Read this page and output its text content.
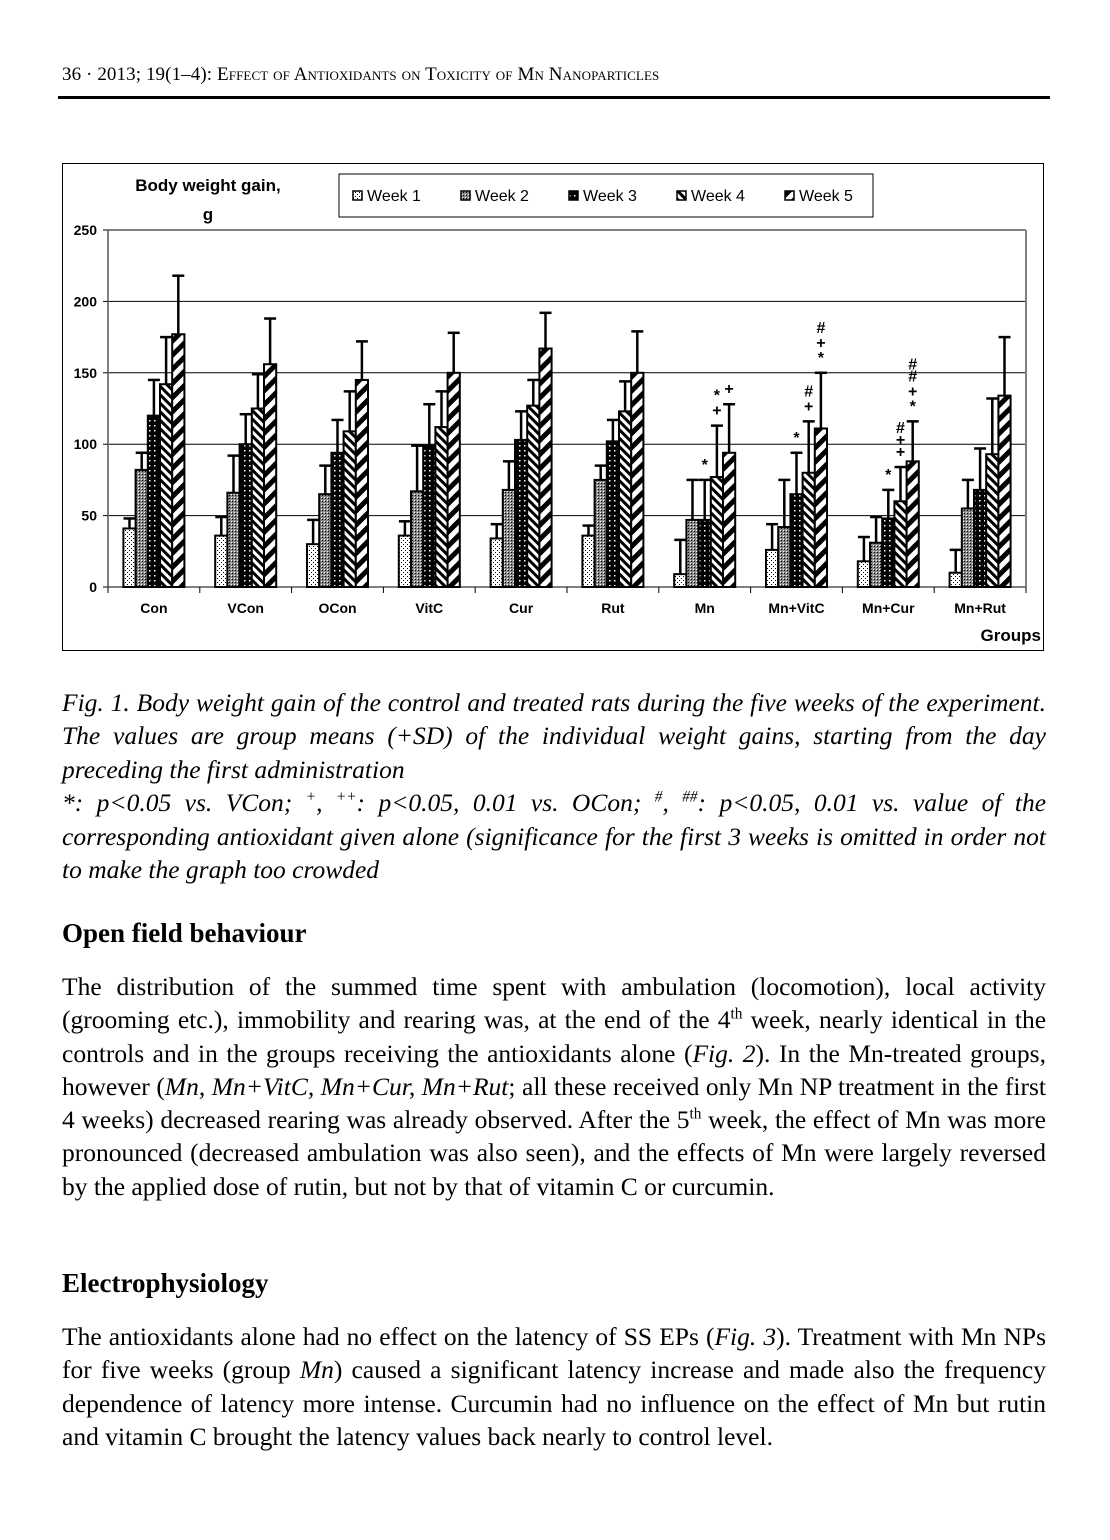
36 · 2013; 19(1–4): Effect of Antioxidants on Toxicity of Mn Nanoparticles
0
50
100
150
200
250
Con	VCon	OCon	VitC	Cur	Rut	Mn	Mn+VitC	Mn+Cur	Mn+Rut
*
+
* +
*
+
#
*
+
#
*
+
+
#
*
+
#
#
Body weight gain,
g
Groups
Week 1	Week 2	Week 3	Week 4	Week 5

Fig. 1. Body weight gain of the control and treated rats during the five weeks of the experiment. The values are group means (+SD) of the individual weight gains, starting from the day preceding the first administration

*: p<0.05 vs. VCon; +, ++: p<0.05, 0.01 vs. OCon; #, ##: p<0.05, 0.01 vs. value of the corresponding antioxidant given alone (significance for the first 3 weeks is omitted in order not to make the graph too crowded

Open field behaviour

The distribution of the summed time spent with ambulation (locomotion), local activity (grooming etc.), immobility and rearing was, at the end of the 4th week, nearly identical in the controls and in the groups receiving the antioxidants alone (Fig. 2). In the Mn-treated groups, however (Mn, Mn+VitC, Mn+Cur, Mn+Rut; all these received only Mn NP treatment in the first 4 weeks) decreased rearing was already observed. After the 5th week, the effect of Mn was more pronounced (decreased ambulation was also seen), and the effects of Mn were largely reversed by the applied dose of rutin, but not by that of vitamin C or curcumin.

Electrophysiology

The antioxidants alone had no effect on the latency of SS EPs (Fig. 3). Treatment with Mn NPs for five weeks (group Mn) caused a significant latency increase and made also the frequency dependence of latency more intense. Curcumin had no influence on the effect of Mn but rutin and vitamin C brought the latency values back nearly to control level.
